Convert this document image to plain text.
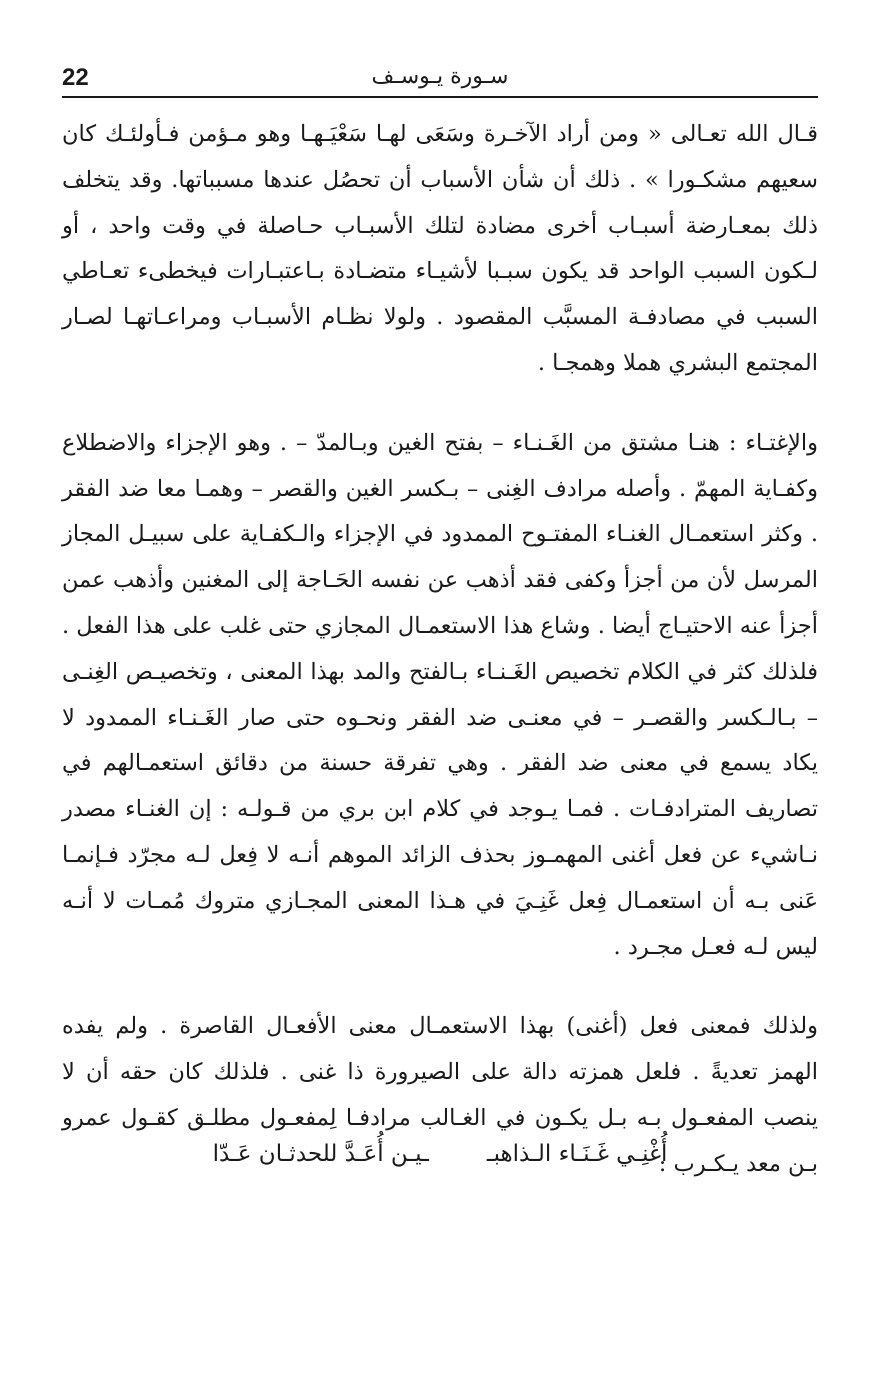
22	سـورة يـوسـف

قـال الله تعـالى « ومن أراد الآخـرة وسَعَى لهـا سَعْيَـهـا وهو مـؤمن فـأولئـك كان سعيهم مشكـورا » . ذلك أن شأن الأسباب أن تحصُل عندها مسبباتها. وقد يتخلف ذلك بمعـارضة أسبـاب أخرى مضادة لتلك الأسبـاب حـاصلة في وقت واحد ، أو لـكون السبب الواحد قد يكون سبـبا لأشيـاء متضـادة بـاعتبـارات فيخطىء تعـاطي السبب في مصادفـة المسبَّب المقصود . ولولا نظـام الأسبـاب ومراعـاتهـا لصـار المجتمع البشري هملا وهمجـا .

والإغتـاء : هنـا مشتق من الغَـنـاء – بفتح الغين وبـالمدّ – . وهو الإجزاء والاضطلاع وكفـاية المهمّ . وأصله مرادف الغِنى – بـكسر الغين والقصر – وهمـا معا ضد الفقر . وكثر استعمـال الغنـاء المفتـوح الممدود في الإجزاء والـكفـاية على سبيـل المجاز المرسل لأن من أجزأ وكفى فقد أذهب عن نفسه الحَـاجة إلى المغنين وأذهب عمن أجزأ عنه الاحتيـاج أيضا . وشاع هذا الاستعمـال المجازي حتى غلب على هذا الفعل . فلذلك كثر في الكلام تخصيص الغَـنـاء بـالفتح والمد بهذا المعنى ، وتخصيـص الغِنـى – بـالـكسر والقصـر – في معنـى ضد الفقر ونحـوه حتى صار الغَـنـاء الممدود لا يكاد يسمع في معنى ضد الفقر . وهي تفرقة حسنة من دقائق استعمـالهم في تصاريف المترادفـات . فمـا يـوجد في كلام ابن بري من قـولـه : إن الغنـاء مصدر نـاشيء عن فعل أغنى المهمـوز بحذف الزائد الموهم أنـه لا فِعل لـه مجرّد فـإنمـا عَنى بـه أن استعمـال فِعل غَنِـيَ في هـذا المعنى المجـازي متروك مُمـات لا أنـه ليس لـه فعـل مجـرد .

ولذلك فمعنى فعل (أغنى) بهذا الاستعمـال معنى الأفعـال القاصرة . ولم يفده الهمز تعديةً . فلعل همزته دالة على الصيرورة ذا غنى . فلذلك كان حقه أن لا ينصب المفعـول بـه بـل يكـون في الغـالب مرادفـا لِمفعـول مطلـق كقـول عمرو بـن معد يـكـرب :

أُغْنِـي غَـنَـاء الـذاهبـ
ـيـن أُعَـدَّ للحدثـان عَـدّا
